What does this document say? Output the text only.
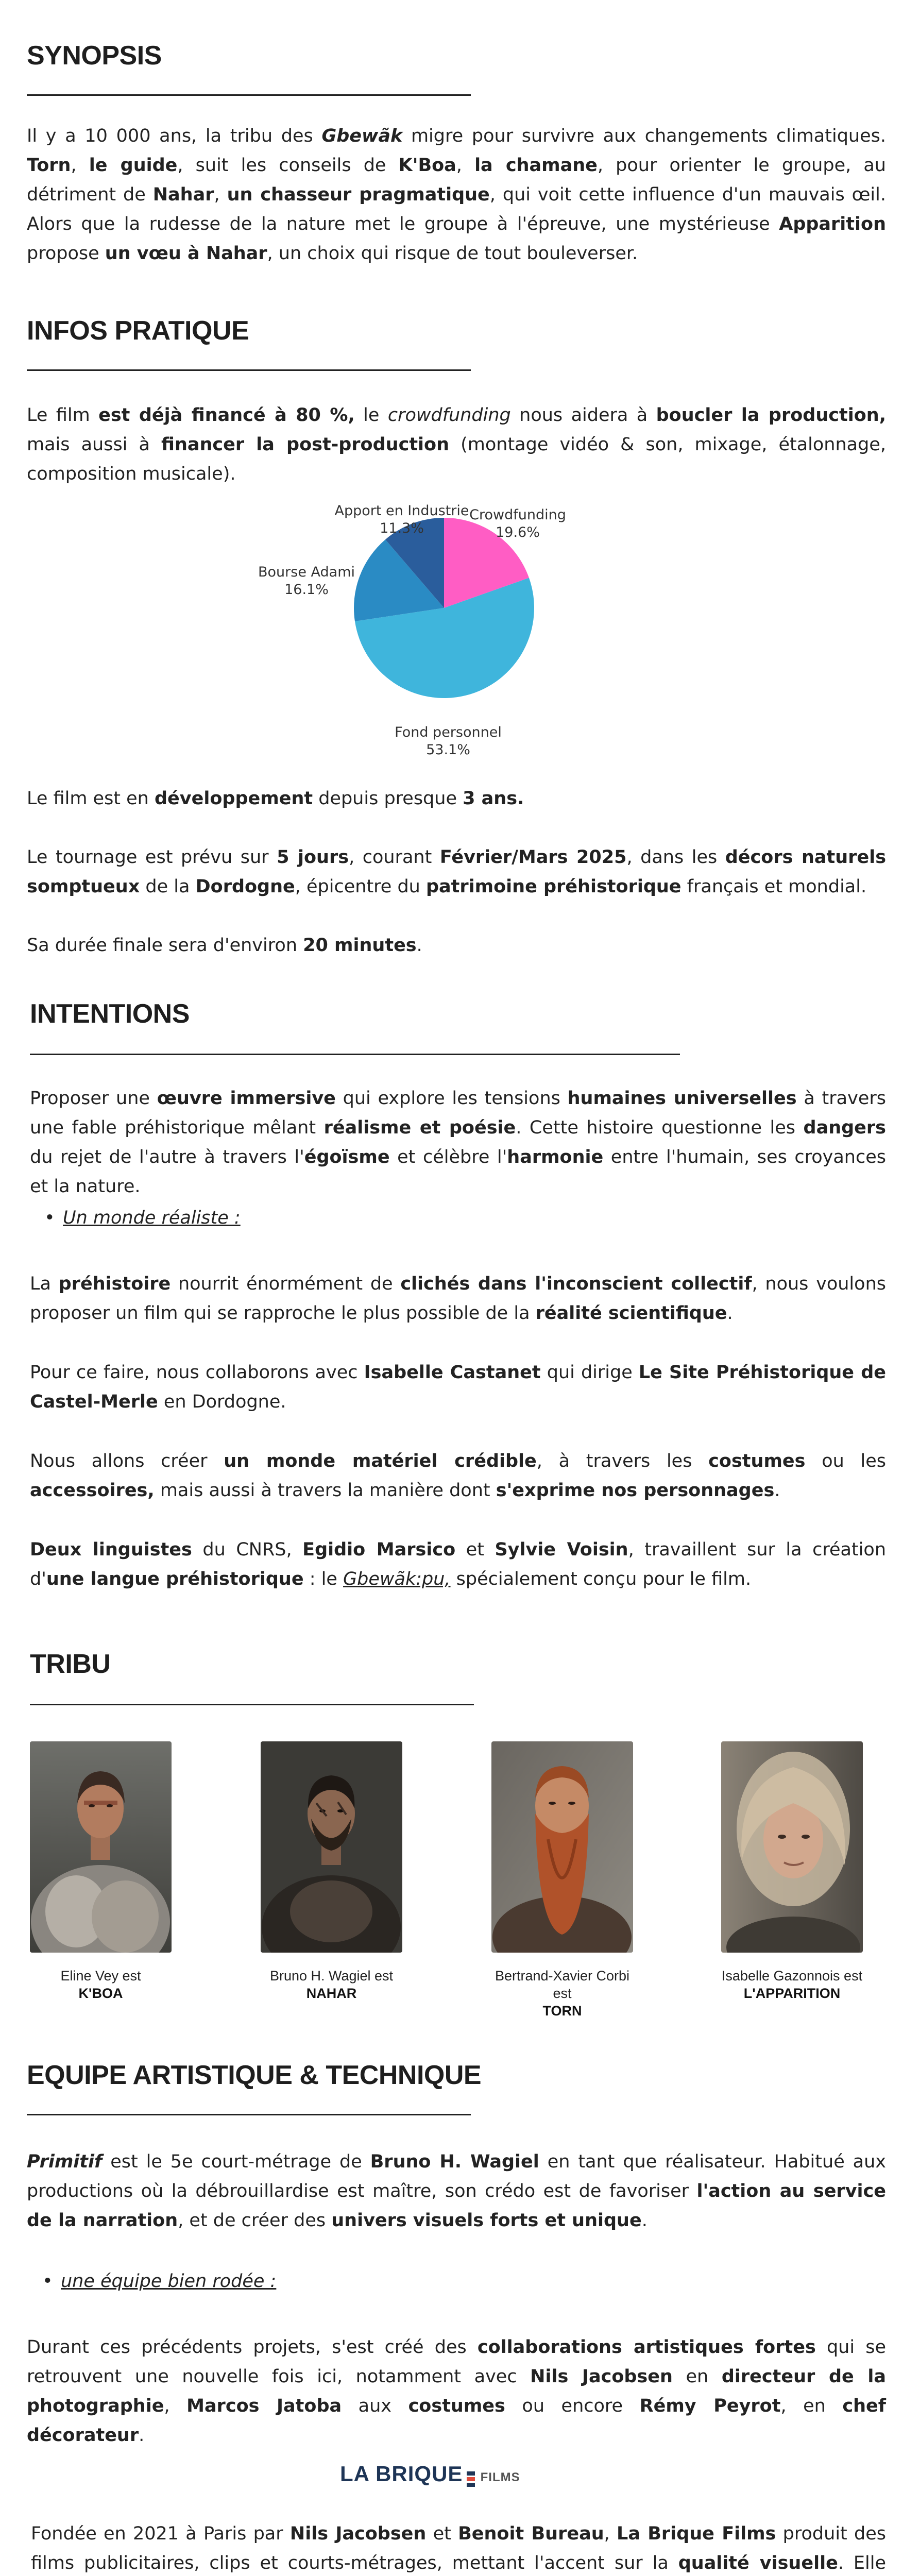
SYNOPSIS

Il y a 10 000 ans, la tribu des Gbewãk migre pour survivre aux changements climatiques. Torn, le guide, suit les conseils de K'Boa, la chamane, pour orienter le groupe, au détriment de Nahar, un chasseur pragmatique, qui voit cette influence d'un mauvais œil. Alors que la rudesse de la nature met le groupe à l'épreuve, une mystérieuse Apparition propose un vœu à Nahar, un choix qui risque de tout bouleverser.

INFOS PRATIQUE

Le film est déjà financé à 80 %, le crowdfunding nous aidera à boucler la production, mais aussi à financer la post-production (montage vidéo & son, mixage, étalonnage, composition musicale).

Apport en Industrie
11.3%
Crowdfunding
19.6%
Bourse Adami
16.1%
Fond personnel
53.1%

Le film est en développement depuis presque 3 ans.

Le tournage est prévu sur 5 jours, courant Février/Mars 2025, dans les décors naturels somptueux de la Dordogne, épicentre du patrimoine préhistorique français et mondial.

Sa durée finale sera d'environ 20 minutes.

INTENTIONS

Proposer une œuvre immersive qui explore les tensions humaines universelles à travers une fable préhistorique mêlant réalisme et poésie. Cette histoire questionne les dangers du rejet de l'autre à travers l'égoïsme et célèbre l'harmonie entre l'humain, ses croyances et la nature.

• Un monde réaliste :

La préhistoire nourrit énormément de clichés dans l'inconscient collectif, nous voulons proposer un film qui se rapproche le plus possible de la réalité scientifique.

Pour ce faire, nous collaborons avec Isabelle Castanet qui dirige Le Site Préhistorique de Castel-Merle en Dordogne.

Nous allons créer un monde matériel crédible, à travers les costumes ou les accessoires, mais aussi à travers la manière dont s'exprime nos personnages.

Deux linguistes du CNRS, Egidio Marsico et Sylvie Voisin, travaillent sur la création d'une langue préhistorique : le Gbewãk:pu, spécialement conçu pour le film.

TRIBU
Eline Vey est
K'BOA
Bruno H. Wagiel est
NAHAR
Bertrand-Xavier Corbi est
TORN
Isabelle Gazonnois est
L'APPARITION
EQUIPE ARTISTIQUE & TECHNIQUE

Primitif est le 5e court-métrage de Bruno H. Wagiel en tant que réalisateur. Habitué aux productions où la débrouillardise est maître, son crédo est de favoriser l'action au service de la narration, et de créer des univers visuels forts et unique.

• une équipe bien rodée :

Durant ces précédents projets, s'est créé des collaborations artistiques fortes qui se retrouvent une nouvelle fois ici, notamment avec Nils Jacobsen en directeur de la photographie, Marcos Jatoba aux costumes ou encore Rémy Peyrot, en chef décorateur.

LA BRIQUE FILMS

Fondée en 2021 à Paris par Nils Jacobsen et Benoit Bureau, La Brique Films produit des films publicitaires, clips et courts-métrages, mettant l'accent sur la qualité visuelle. Elle
